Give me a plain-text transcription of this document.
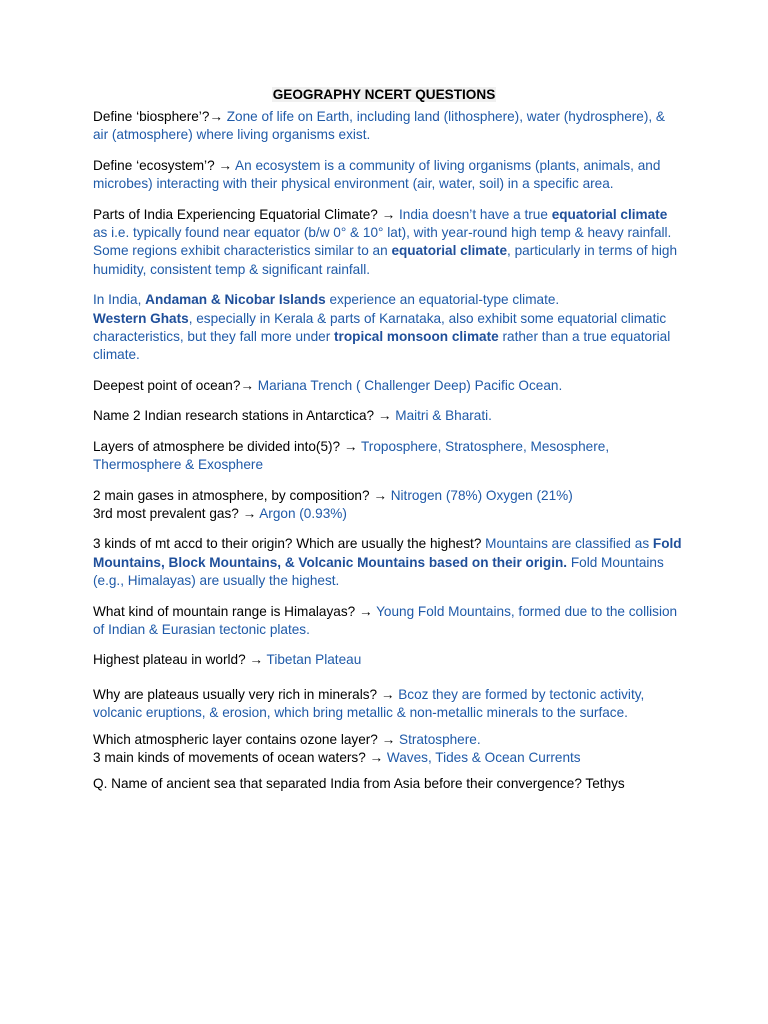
GEOGRAPHY NCERT QUESTIONS

Define ‘biosphere’?→ Zone of life on Earth, including land (lithosphere), water (hydrosphere), & air (atmosphere) where living organisms exist.

Define ‘ecosystem’? → An ecosystem is a community of living organisms (plants, animals, and microbes) interacting with their physical environment (air, water, soil) in a specific area.

Parts of India Experiencing Equatorial Climate? → India doesn’t have a true equatorial climate as i.e. typically found near equator (b/w 0° & 10° lat), with year-round high temp & heavy rainfall. Some regions exhibit characteristics similar to an equatorial climate, particularly in terms of high humidity, consistent temp & significant rainfall.

In India, Andaman & Nicobar Islands experience an equatorial-type climate.
Western Ghats, especially in Kerala & parts of Karnataka, also exhibit some equatorial climatic characteristics, but they fall more under tropical monsoon climate rather than a true equatorial climate.

Deepest point of ocean?→ Mariana Trench ( Challenger Deep) Pacific Ocean.

Name 2 Indian research stations in Antarctica? → Maitri & Bharati.

Layers of atmosphere be divided into(5)? → Troposphere, Stratosphere, Mesosphere, Thermosphere & Exosphere

2 main gases in atmosphere, by composition? → Nitrogen (78%) Oxygen (21%)
3rd most prevalent gas? → Argon (0.93%)

3 kinds of mt accd to their origin? Which are usually the highest? Mountains are classified as Fold Mountains, Block Mountains, & Volcanic Mountains based on their origin. Fold Mountains (e.g., Himalayas) are usually the highest.

What kind of mountain range is Himalayas? → Young Fold Mountains, formed due to the collision of Indian & Eurasian tectonic plates.

Highest plateau in world? → Tibetan Plateau

Why are plateaus usually very rich in minerals? → Bcoz they are formed by tectonic activity, volcanic eruptions, & erosion, which bring metallic & non-metallic minerals to the surface.

Which atmospheric layer contains ozone layer? → Stratosphere.
3 main kinds of movements of ocean waters? → Waves, Tides & Ocean Currents

Q. Name of ancient sea that separated India from Asia before their convergence? Tethys
